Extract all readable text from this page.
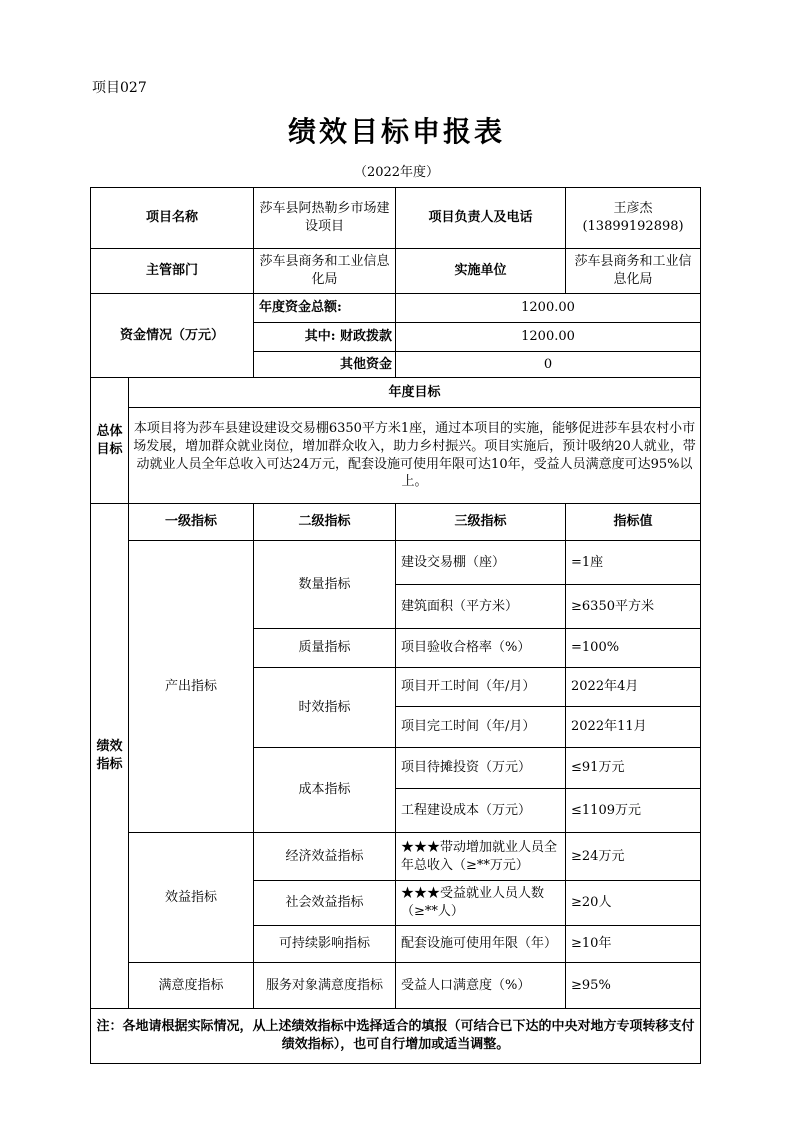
项目027
绩效目标申报表
（2022年度）
项目名称		莎车县阿热勒乡市场建设项目	项目负责人及电话	王彦杰
(13899192898)

主管部门		莎车县商务和工业信息化局	实施单位	莎车县商务和工业信息化局
资金情况（万元）		年度资金总额:	1200.00	
		其中: 财政拨款	1200.00	
		其他资金	0	
总体目标	年度目标			
	本项目将为莎车县建设建设交易棚6350平方米1座，通过本项目的实施，能够促进莎车县农村小市场发展，增加群众就业岗位，增加群众收入，助力乡村振兴。项目实施后，预计吸纳20人就业，带动就业人员全年总收入可达24万元，配套设施可使用年限可达10年，受益人员满意度可达95%以上。			
绩效指标	一级指标	二级指标	三级指标	指标值
	产出指标	数量指标	建设交易棚（座）	=1座
			建筑面积（平方米）	≥6350平方米
		质量指标	项目验收合格率（%）	=100%
		时效指标	项目开工时间（年/月）	2022年4月
			项目完工时间（年/月）	2022年11月
		成本指标	项目待摊投资（万元）	≤91万元
			工程建设成本（万元）	≤1109万元
	效益指标	经济效益指标	★★★带动增加就业人员全年总收入（≥**万元）	≥24万元
		社会效益指标	★★★受益就业人员人数（≥**人）	≥20人
		可持续影响指标	配套设施可使用年限（年）	≥10年
	满意度指标	服务对象满意度指标	受益人口满意度（%）	≥95%
注：各地请根据实际情况，从上述绩效指标中选择适合的填报（可结合已下达的中央对地方专项转移支付绩效指标），也可自行增加或适当调整。				
